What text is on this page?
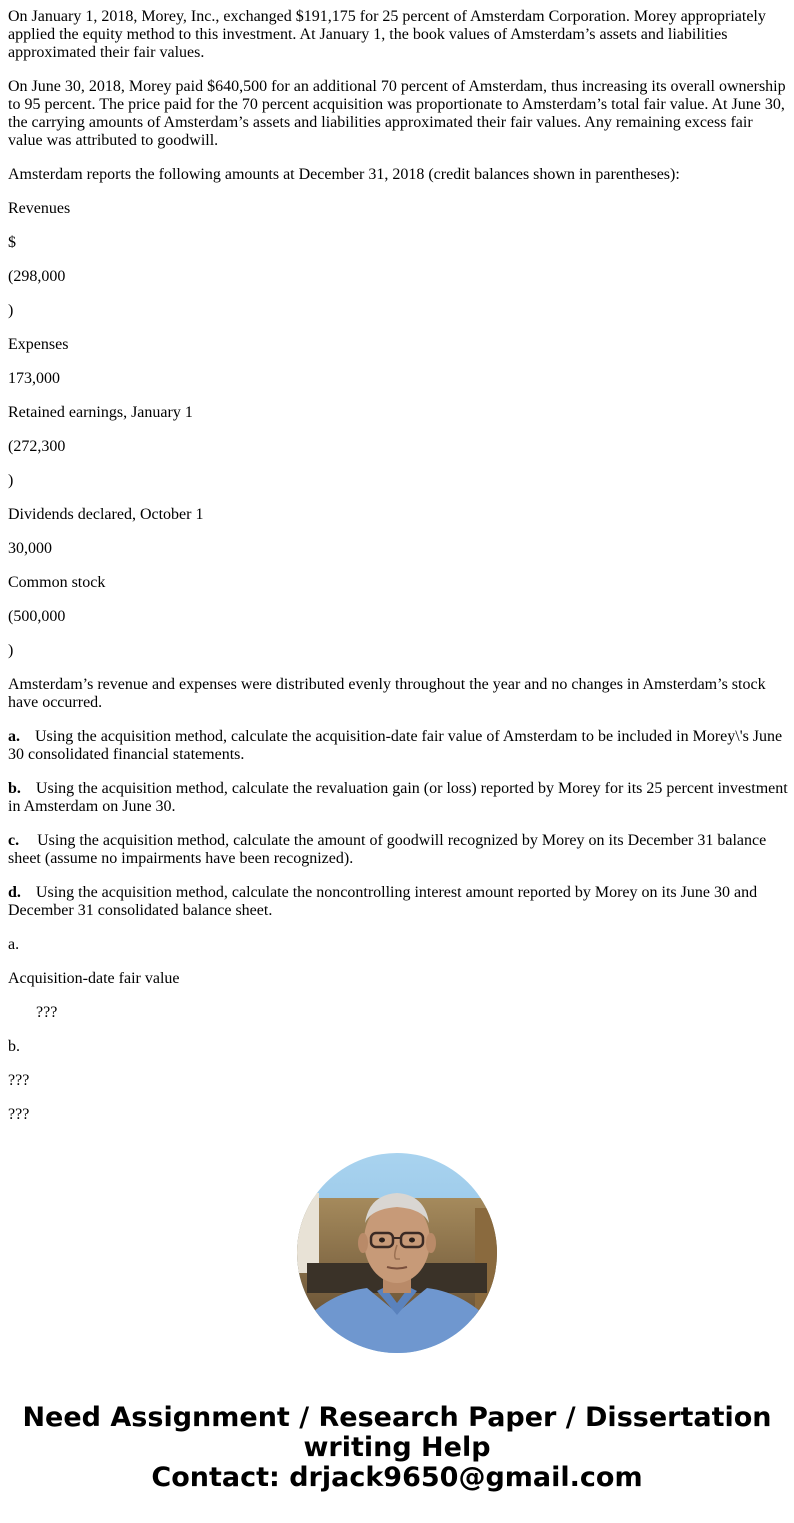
On January 1, 2018, Morey, Inc., exchanged $191,175 for 25 percent of Amsterdam Corporation. Morey appropriately applied the equity method to this investment. At January 1, the book values of Amsterdam’s assets and liabilities approximated their fair values.

On June 30, 2018, Morey paid $640,500 for an additional 70 percent of Amsterdam, thus increasing its overall ownership to 95 percent. The price paid for the 70 percent acquisition was proportionate to Amsterdam’s total fair value. At June 30, the carrying amounts of Amsterdam’s assets and liabilities approximated their fair values. Any remaining excess fair value was attributed to goodwill.

Amsterdam reports the following amounts at December 31, 2018 (credit balances shown in parentheses):

Revenues

$

(298,000

)

Expenses

173,000

Retained earnings, January 1

(272,300

)

Dividends declared, October 1

30,000

Common stock

(500,000

)

Amsterdam’s revenue and expenses were distributed evenly throughout the year and no changes in Amsterdam’s stock have occurred.

a. Using the acquisition method, calculate the acquisition-date fair value of Amsterdam to be included in Morey\'s June 30 consolidated financial statements.

b. Using the acquisition method, calculate the revaluation gain (or loss) reported by Morey for its 25 percent investment in Amsterdam on June 30.

c. Using the acquisition method, calculate the amount of goodwill recognized by Morey on its December 31 balance sheet (assume no impairments have been recognized).

d. Using the acquisition method, calculate the noncontrolling interest amount reported by Morey on its June 30 and December 31 consolidated balance sheet.

a.

Acquisition-date fair value

???

b.

???

???

Need Assignment / Research Paper / Dissertation
writing Help
Contact: drjack9650@gmail.com
